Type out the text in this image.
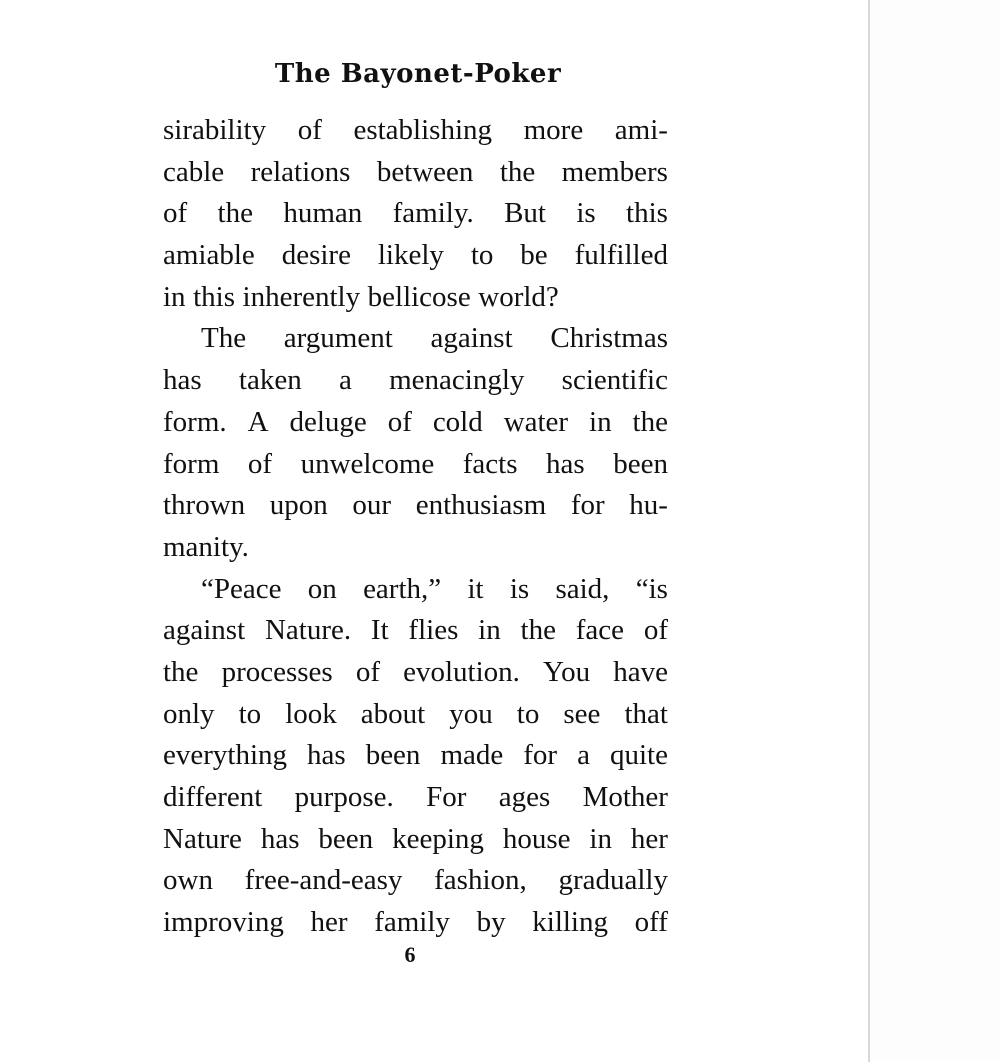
The Bayonet-Poker
sirability of establishing more ami-
cable relations between the members
of the human family. But is this
amiable desire likely to be fulfilled
in this inherently bellicose world?
The argument against Christmas
has taken a menacingly scientific
form. A deluge of cold water in the
form of unwelcome facts has been
thrown upon our enthusiasm for hu-
manity.
“Peace on earth,” it is said, “is
against Nature. It flies in the face of
the processes of evolution. You have
only to look about you to see that
everything has been made for a quite
different purpose. For ages Mother
Nature has been keeping house in her
own free-and-easy fashion, gradually
improving her family by killing off
6
